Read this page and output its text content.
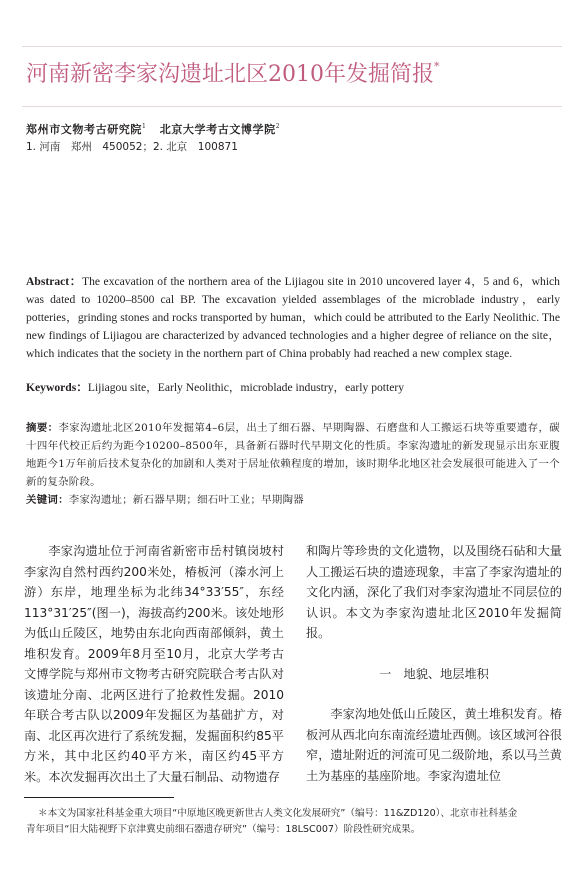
河南新密李家沟遗址北区2010年发掘简报*
郑州市文物考古研究院$^1$ 北京大学考古文博学院$^2$
1. 河南　郑州　450052；2. 北京　100871
Abstract：The excavation of the northern area of the Lijiagou site in 2010 uncovered layer 4，5 and 6，which was dated to 10200–8500 cal BP. The excavation yielded assemblages of the microblade industry，early potteries，grinding stones and rocks transported by human，which could be attributed to the Early Neolithic. The new findings of Lijiagou are characterized by advanced technologies and a higher degree of reliance on the site，which indicates that the society in the northern part of China probably had reached a new complex stage.
Keywords：Lijiagou site，Early Neolithic，microblade industry，early pottery
摘要：李家沟遗址北区2010年发掘第4–6层，出土了细石器、早期陶器、石磨盘和人工搬运石块等重要遗存，碳十四年代校正后约为距今10200–8500年，具备新石器时代早期文化的性质。李家沟遗址的新发现显示出东亚腹地距今1万年前后技术复杂化的加剧和人类对于居址依赖程度的增加，该时期华北地区社会发展很可能进入了一个新的复杂阶段。
关键词：李家沟遗址；新石器早期；细石叶工业；早期陶器

李家沟遗址位于河南省新密市岳村镇岗坡村李家沟自然村西约200米处，椿板河（溱水河上游）东岸，地理坐标为北纬34°33′55″，东经113°31′25″(图一)，海拔高约200米。该处地形为低山丘陵区，地势由东北向西南部倾斜，黄土堆积发育。2009年8月至10月，北京大学考古文博学院与郑州市文物考古研究院联合考古队对该遗址分南、北两区进行了抢救性发掘。2010年联合考古队以2009年发掘区为基础扩方，对南、北区再次进行了系统发掘，发掘面积约85平方米，其中北区约40平方米，南区约45平方米。本次发掘再次出土了大量石制品、动物遗存

和陶片等珍贵的文化遗物，以及围绕石砧和大量人工搬运石块的遗迹现象，丰富了李家沟遗址的文化内涵，深化了我们对李家沟遗址不同层位的认识。本文为李家沟遗址北区2010年发掘简报。

一　地貌、地层堆积

李家沟地处低山丘陵区，黄土堆积发育。椿板河从西北向东南流经遗址西侧。该区域河谷很窄，遗址附近的河流可见二级阶地，系以马兰黄土为基座的基座阶地。李家沟遗址位

＊本文为国家社科基金重大项目“中原地区晚更新世古人类文化发展研究”（编号：11&ZD120）、北京市社科基金
青年项目“旧大陆视野下京津冀史前细石器遗存研究”（编号：18LSC007）阶段性研究成果。
